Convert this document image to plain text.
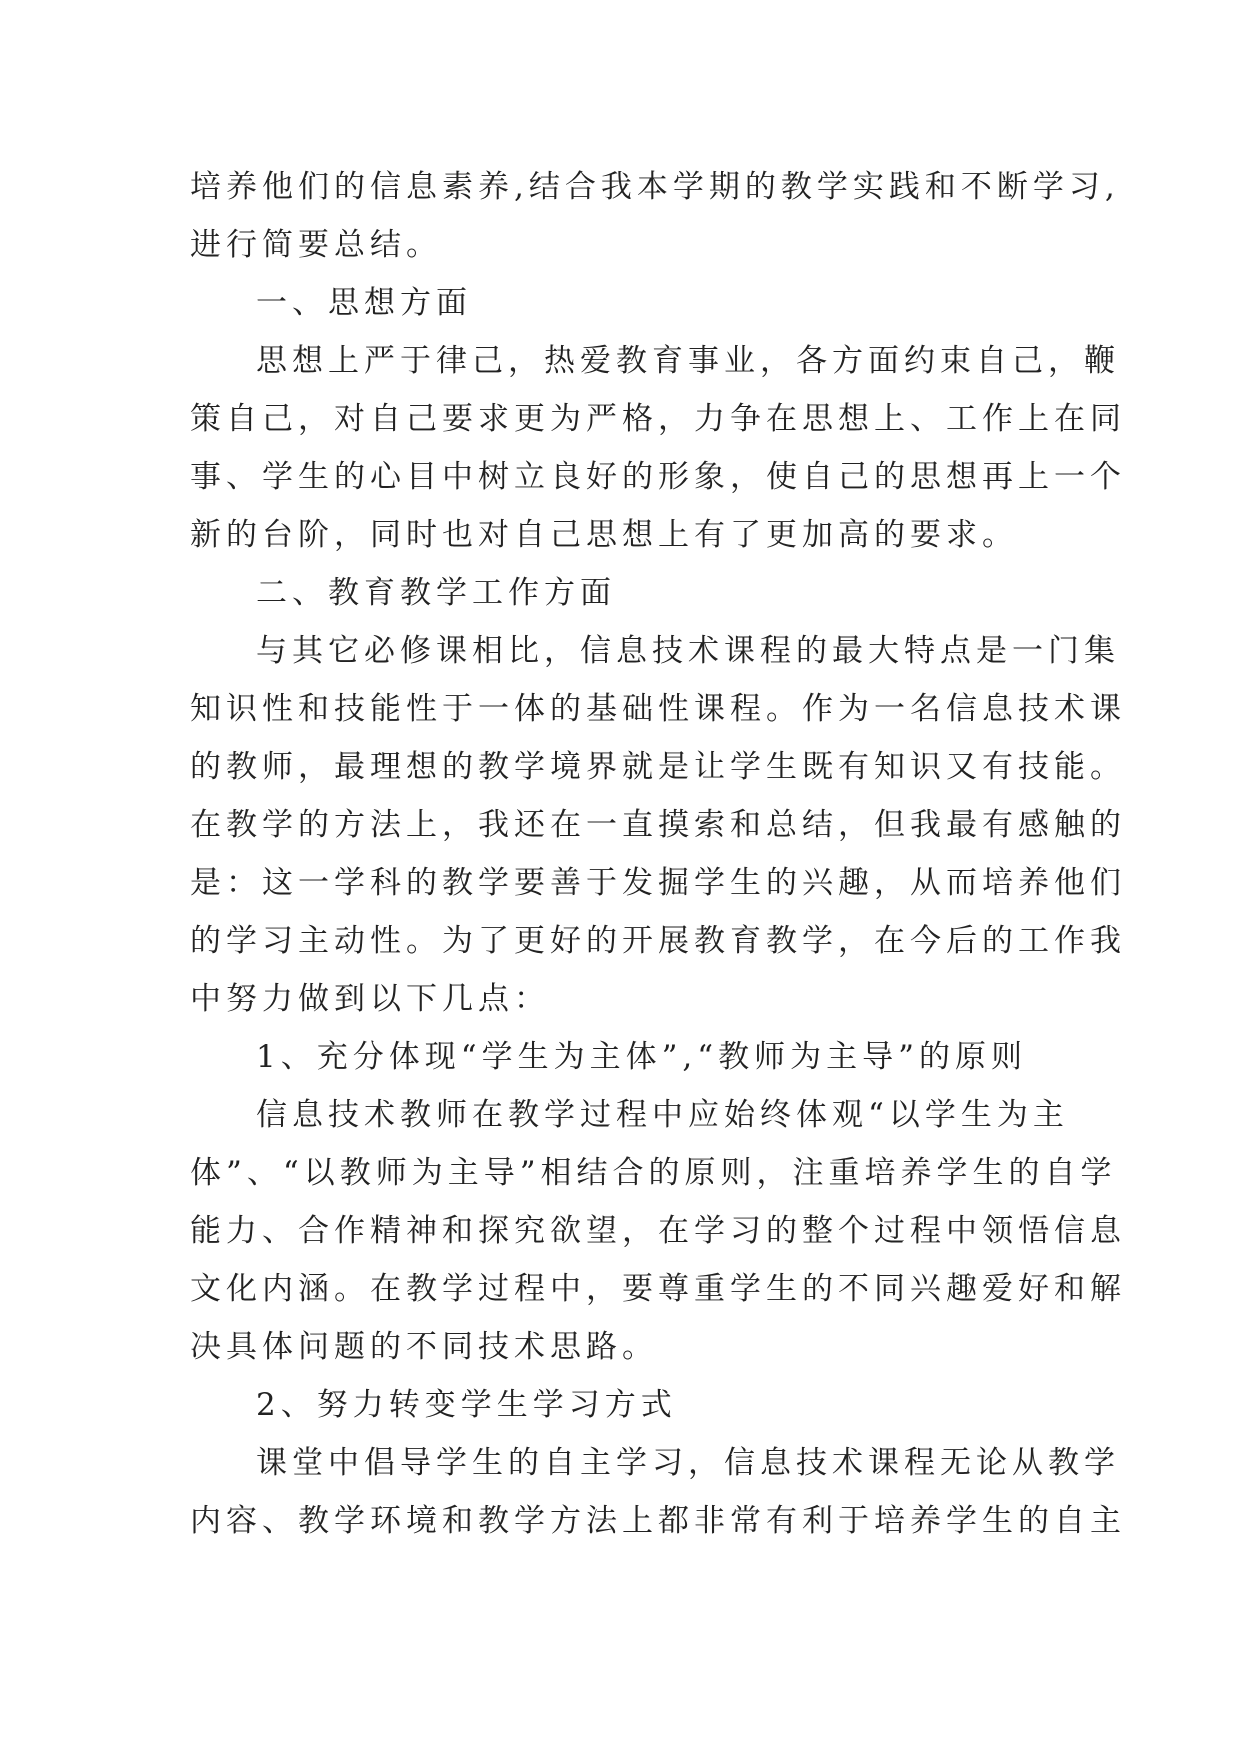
培养他们的信息素养,结合我本学期的教学实践和不断学习,
进行简要总结。
一、思想方面
思想上严于律己，热爱教育事业，各方面约束自己，鞭
策自己，对自己要求更为严格，力争在思想上、工作上在同
事、学生的心目中树立良好的形象，使自己的思想再上一个
新的台阶，同时也对自己思想上有了更加高的要求。
二、教育教学工作方面
与其它必修课相比，信息技术课程的最大特点是一门集
知识性和技能性于一体的基础性课程。作为一名信息技术课
的教师，最理想的教学境界就是让学生既有知识又有技能。
在教学的方法上，我还在一直摸索和总结，但我最有感触的
是：这一学科的教学要善于发掘学生的兴趣，从而培养他们
的学习主动性。为了更好的开展教育教学，在今后的工作我
中努力做到以下几点：
1、充分体现“学生为主体”,“教师为主导”的原则
信息技术教师在教学过程中应始终体观“以学生为主
体”、“以教师为主导”相结合的原则，注重培养学生的自学
能力、合作精神和探究欲望，在学习的整个过程中领悟信息
文化内涵。在教学过程中，要尊重学生的不同兴趣爱好和解
决具体问题的不同技术思路。
2、努力转变学生学习方式
课堂中倡导学生的自主学习，信息技术课程无论从教学
内容、教学环境和教学方法上都非常有利于培养学生的自主
